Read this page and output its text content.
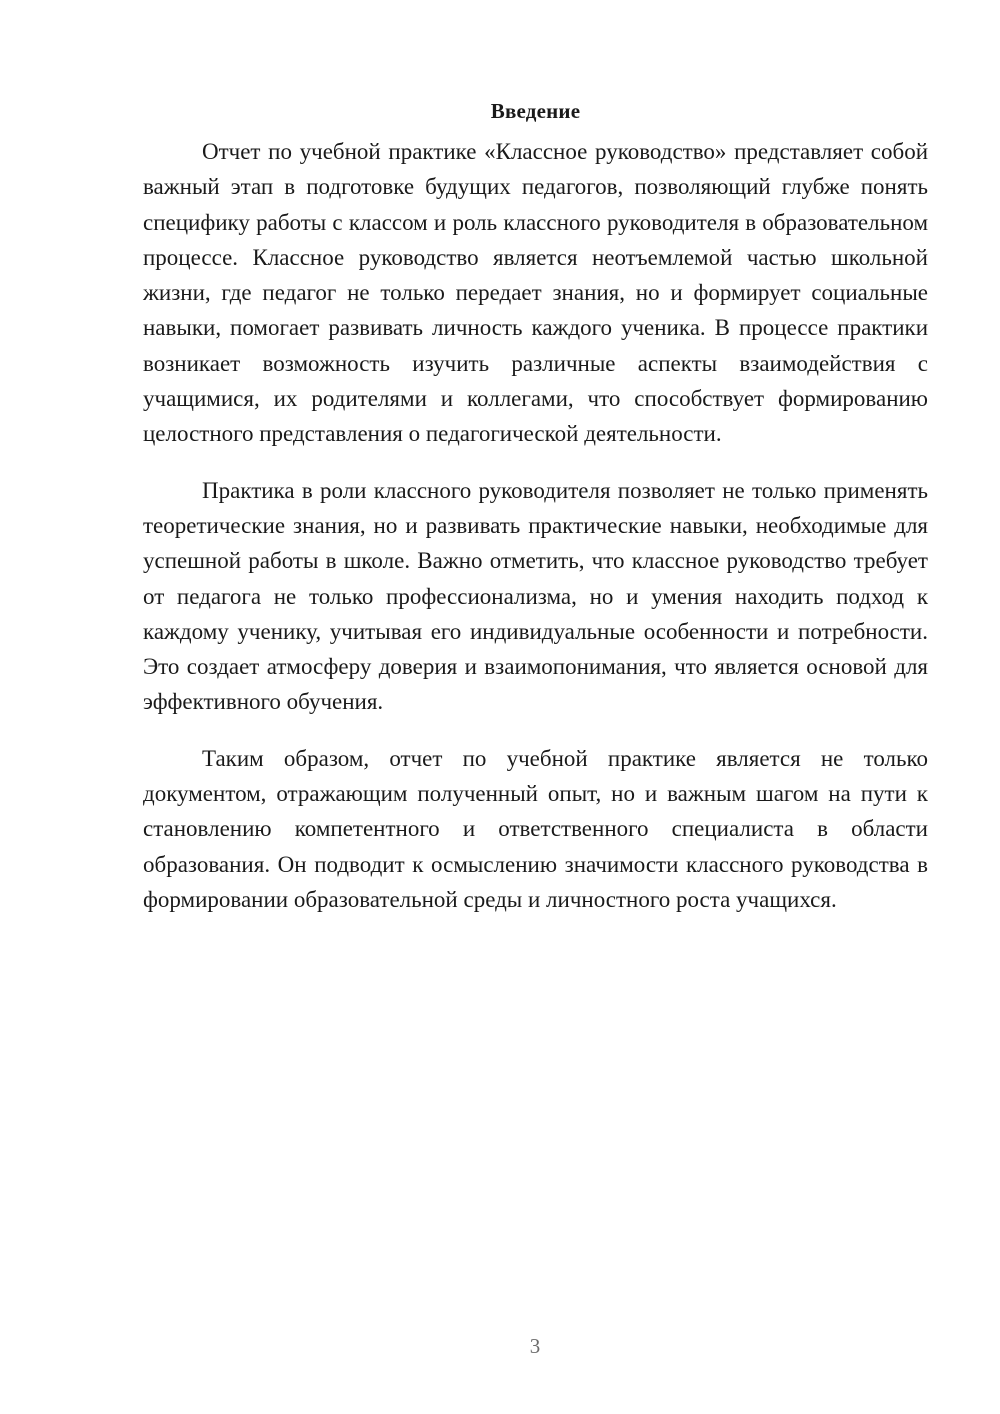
Введение

Отчет по учебной практике «Классное руководство» представляет собой важный этап в подготовке будущих педагогов, позволяющий глубже понять специфику работы с классом и роль классного руководителя в образовательном процессе. Классное руководство является неотъемлемой частью школьной жизни, где педагог не только передает знания, но и формирует социальные навыки, помогает развивать личность каждого ученика. В процессе практики возникает возможность изучить различные аспекты взаимодействия с учащимися, их родителями и коллегами, что способствует формированию целостного представления о педагогической деятельности.

Практика в роли классного руководителя позволяет не только применять теоретические знания, но и развивать практические навыки, необходимые для успешной работы в школе. Важно отметить, что классное руководство требует от педагога не только профессионализма, но и умения находить подход к каждому ученику, учитывая его индивидуальные особенности и потребности. Это создает атмосферу доверия и взаимопонимания, что является основой для эффективного обучения.

Таким образом, отчет по учебной практике является не только документом, отражающим полученный опыт, но и важным шагом на пути к становлению компетентного и ответственного специалиста в области образования. Он подводит к осмыслению значимости классного руководства в формировании образовательной среды и личностного роста учащихся.

3
